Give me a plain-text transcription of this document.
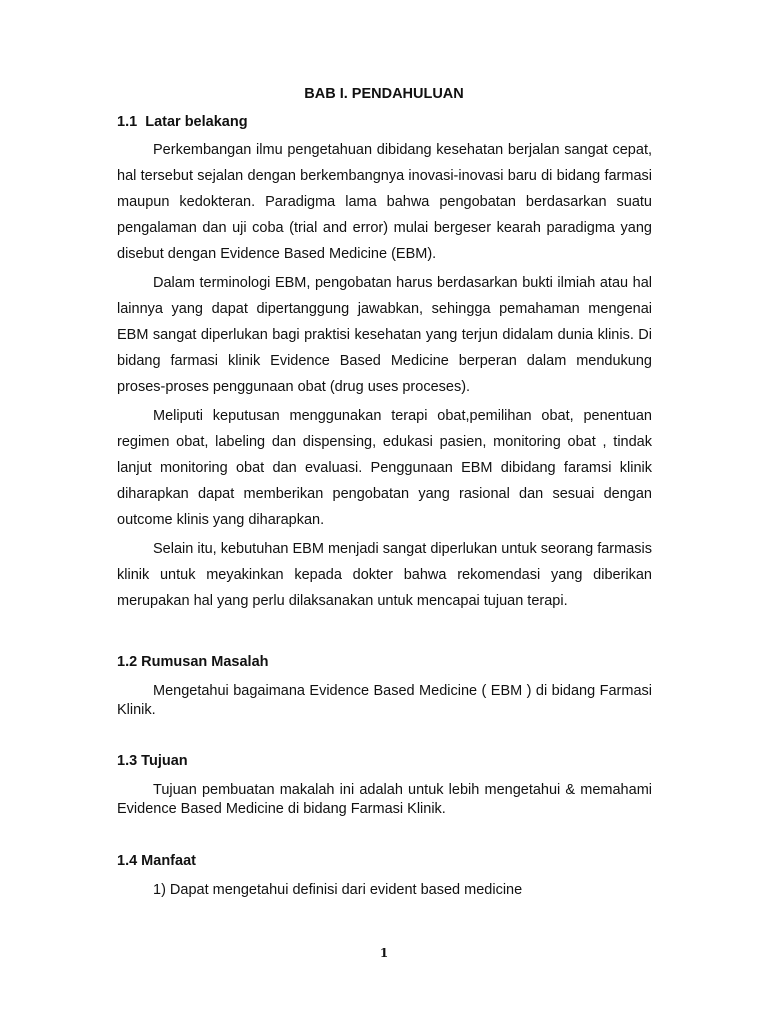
BAB I. PENDAHULUAN
1.1  Latar belakang

Perkembangan ilmu pengetahuan dibidang kesehatan berjalan sangat cepat, hal tersebut sejalan dengan berkembangnya inovasi-inovasi baru di bidang farmasi maupun kedokteran. Paradigma lama bahwa pengobatan berdasarkan suatu pengalaman dan uji coba (trial and error) mulai bergeser kearah paradigma yang disebut dengan Evidence Based Medicine (EBM).

Dalam terminologi EBM, pengobatan harus berdasarkan bukti ilmiah atau hal lainnya yang dapat dipertanggung jawabkan, sehingga pemahaman mengenai EBM sangat diperlukan bagi praktisi kesehatan yang terjun didalam dunia klinis. Di bidang farmasi klinik Evidence Based Medicine berperan dalam mendukung proses-proses penggunaan obat (drug uses proceses).

Meliputi keputusan menggunakan terapi obat,pemilihan obat, penentuan regimen obat, labeling dan dispensing, edukasi pasien, monitoring obat , tindak lanjut monitoring obat dan evaluasi. Penggunaan EBM dibidang faramsi klinik diharapkan dapat memberikan pengobatan yang rasional dan sesuai dengan outcome klinis yang diharapkan.

Selain itu, kebutuhan EBM menjadi sangat diperlukan untuk seorang farmasis klinik untuk meyakinkan kepada dokter bahwa rekomendasi yang diberikan merupakan hal yang perlu dilaksanakan untuk mencapai tujuan terapi.

1.2 Rumusan Masalah

Mengetahui bagaimana Evidence Based Medicine ( EBM ) di bidang Farmasi Klinik.

1.3 Tujuan

Tujuan pembuatan makalah ini adalah untuk lebih mengetahui & memahami Evidence Based Medicine di bidang Farmasi Klinik.

1.4 Manfaat
1) Dapat mengetahui definisi dari evident based medicine
1
